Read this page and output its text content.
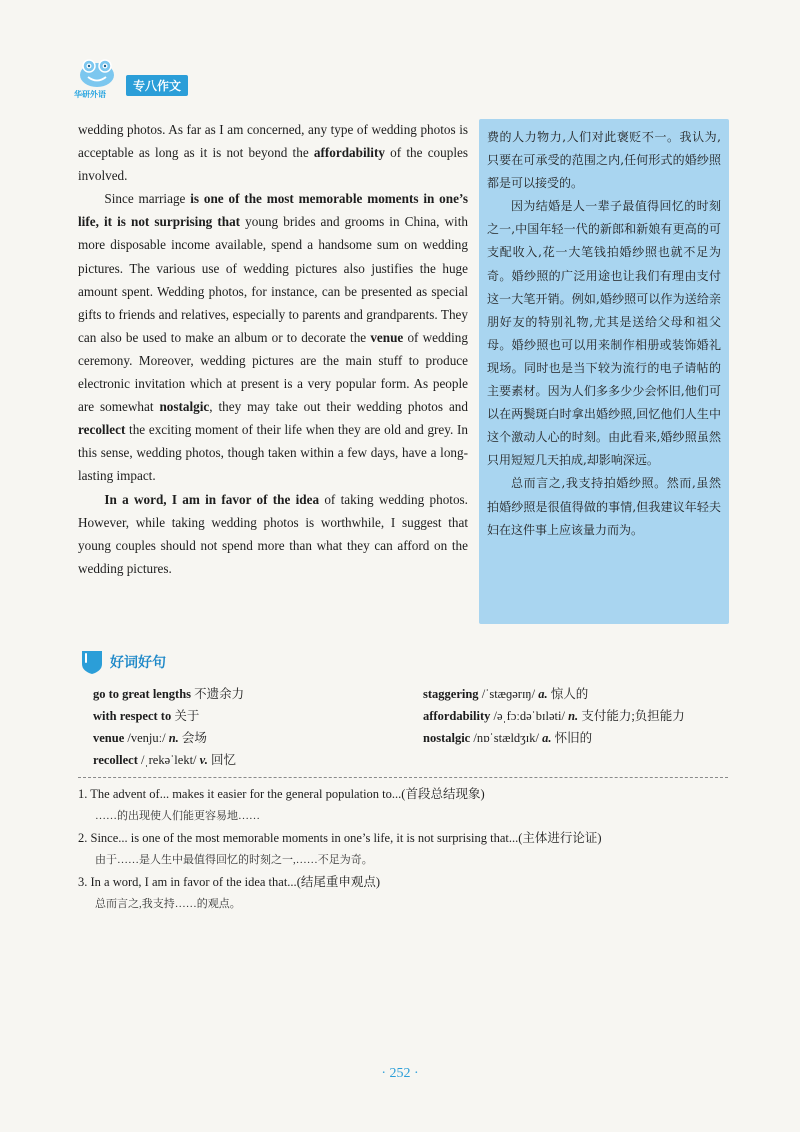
华研外语
专八作文

wedding photos. As far as I am concerned, any type of wedding photos is acceptable as long as it is not beyond the affordability of the couples involved.

Since marriage is one of the most memorable moments in one’s life, it is not surprising that young brides and grooms in China, with more disposable income available, spend a handsome sum on wedding pictures. The various use of wedding pictures also justifies the huge amount spent. Wedding photos, for instance, can be presented as special gifts to friends and relatives, especially to parents and grandparents. They can also be used to make an album or to decorate the venue of wedding ceremony. Moreover, wedding pictures are the main stuff to produce electronic invitation which at present is a very popular form. As people are somewhat nostalgic, they may take out their wedding photos and recollect the exciting moment of their life when they are old and grey. In this sense, wedding photos, though taken within a few days, have a long-lasting impact.

In a word, I am in favor of the idea of taking wedding photos. However, while taking wedding photos is worthwhile, I suggest that young couples should not spend more than what they can afford on the wedding pictures.

费的人力物力,人们对此褒贬不一。我认为,只要在可承受的范围之内,任何形式的婚纱照都是可以接受的。

因为结婚是人一辈子最值得回忆的时刻之一,中国年轻一代的新郎和新娘有更高的可支配收入,花一大笔钱拍婚纱照也就不足为奇。婚纱照的广泛用途也让我们有理由支付这一大笔开销。例如,婚纱照可以作为送给亲朋好友的特别礼物,尤其是送给父母和祖父母。婚纱照也可以用来制作相册或装饰婚礼现场。同时也是当下较为流行的电子请帖的主要素材。因为人们多多少少会怀旧,他们可以在两鬓斑白时拿出婚纱照,回忆他们人生中这个激动人心的时刻。由此看来,婚纱照虽然只用短短几天拍成,却影响深远。

总而言之,我支持拍婚纱照。然而,虽然拍婚纱照是很值得做的事情,但我建议年轻夫妇在这件事上应该量力而为。

好词好句
go to great lengths 不遗余力
with respect to 关于
venue /venjuː/ n. 会场
recollect /ˌrekəˈlekt/ v. 回忆
staggering /ˈstæɡərɪŋ/ a. 惊人的
affordability /əˌfɔːdəˈbɪləti/ n. 支付能力;负担能力
nostalgic /nɒˈstældʒɪk/ a. 怀旧的

1. The advent of... makes it easier for the general population to...(首段总结现象)

……的出现使人们能更容易地……

2. Since... is one of the most memorable moments in one’s life, it is not surprising that...(主体进行论证)

由于……是人生中最值得回忆的时刻之一,……不足为奇。

3. In a word, I am in favor of the idea that...(结尾重申观点)

总而言之,我支持……的观点。

· 252 ·
